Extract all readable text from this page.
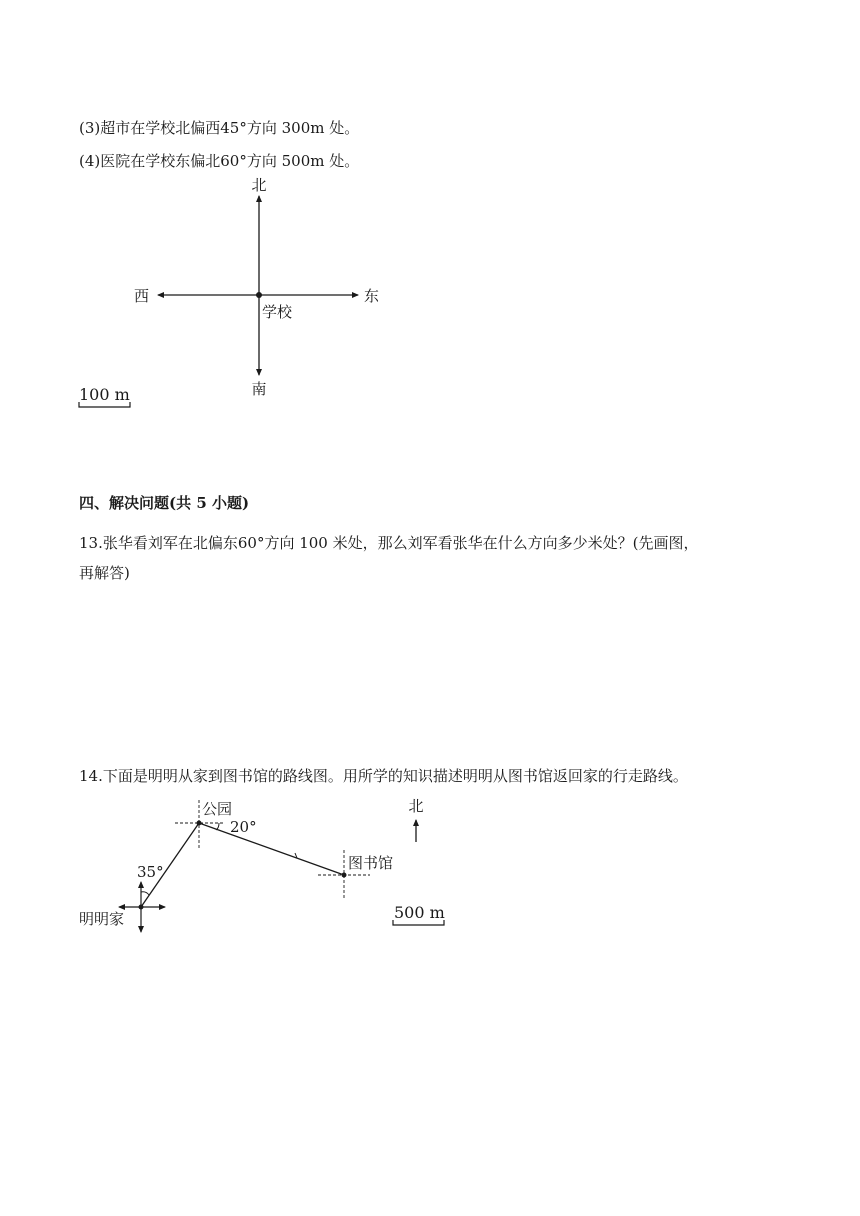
(3)超市在学校北偏西45°方向 300m 处。
(4)医院在学校东偏北60°方向 500m 处。
北
南
东
西
学校
100 m
四、解决问题(共 5 小题)
13.张华看刘军在北偏东60°方向 100 米处，那么刘军看张华在什么方向多少米处？(先画图，
再解答)
14.下面是明明从家到图书馆的路线图。用所学的知识描述明明从图书馆返回家的行走路线。
公园
20°
35°	图书馆
明明家
北
500 m
